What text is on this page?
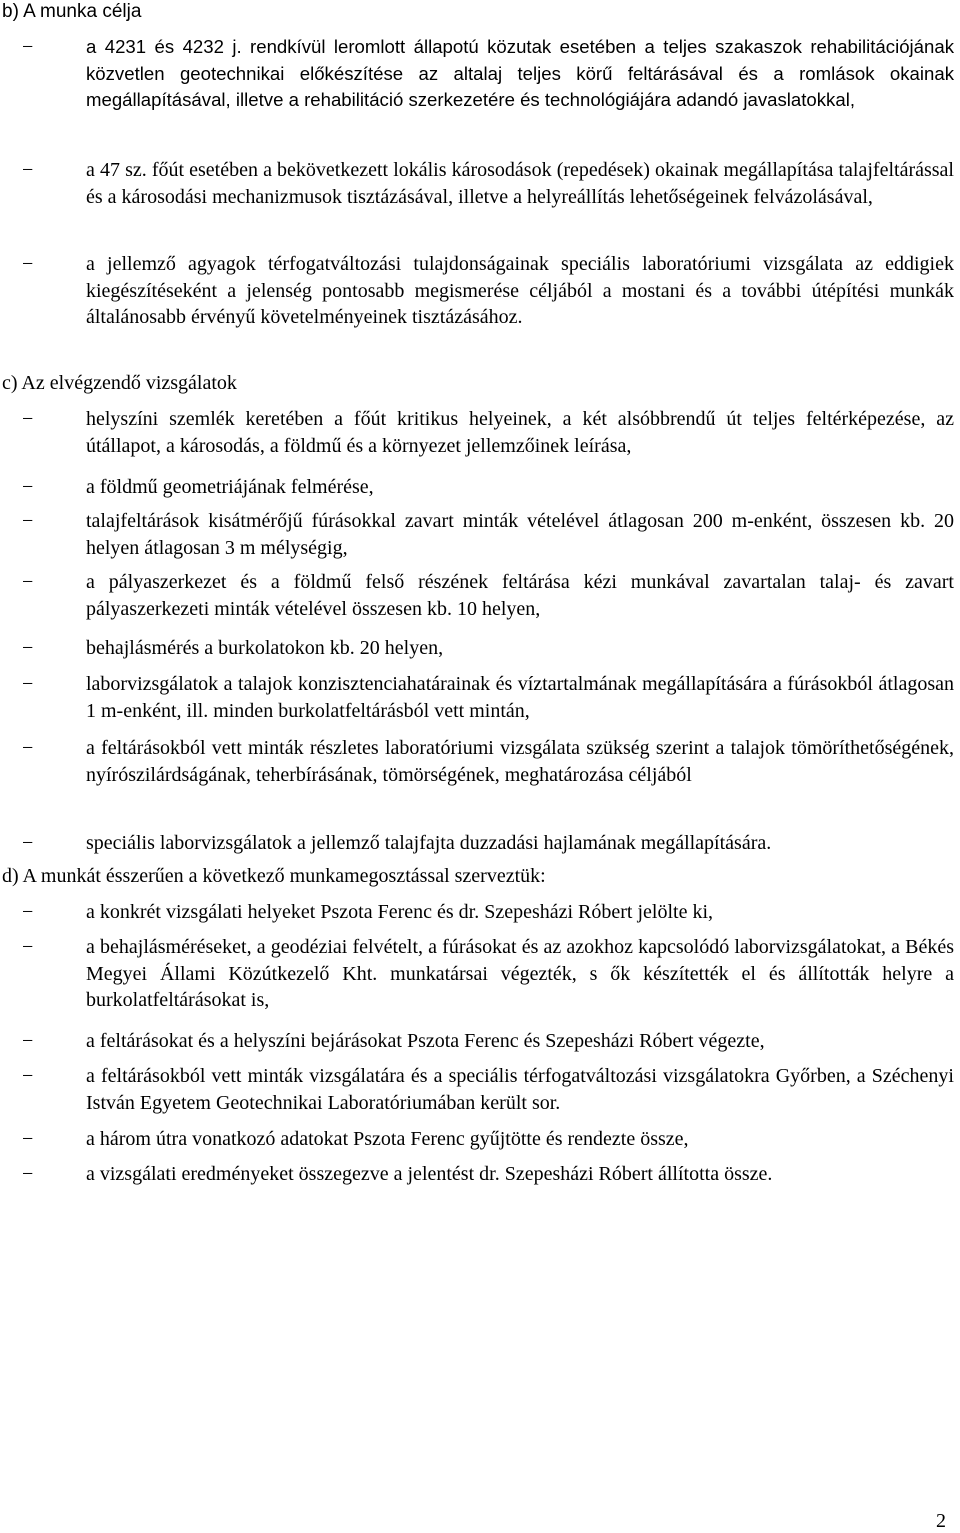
b) A munka célja
−	a 4231 és 4232 j. rendkívül leromlott állapotú közutak esetében a teljes szakaszok rehabilitációjának közvetlen geotechnikai előkészítése az altalaj teljes körű feltárásával és a romlások okainak megállapításával, illetve a rehabilitáció szerkezetére és technológiájára adandó javaslatokkal,

−	a 47 sz. főút esetében a bekövetkezett lokális károsodások (repedések) okainak megállapítása talajfeltárással és a károsodási mechanizmusok tisztázásával, illetve a helyreállítás lehetőségeinek felvázolásával,

−	a jellemző agyagok térfogatváltozási tulajdonságainak speciális laboratóriumi vizsgálata az eddigiek kiegészítéseként a jelenség pontosabb megismerése céljából a mostani és a további útépítési munkák általánosabb érvényű követelményeinek tisztázásához.

c) Az elvégzendő vizsgálatok
−	helyszíni szemlék keretében a főút kritikus helyeinek, a két alsóbbrendű út teljes feltérképezése, az útállapot, a károsodás, a földmű és a környezet jellemzőinek leírása,

−	a földmű geometriájának felmérése,

−	talajfeltárások kisátmérőjű fúrásokkal zavart minták vételével átlagosan 200 m-enként, összesen kb. 20 helyen átlagosan 3 m mélységig,

−	a pályaszerkezet és a földmű felső részének feltárása kézi munkával zavartalan talaj- és zavart pályaszerkezeti minták vételével összesen kb. 10 helyen,

−	behajlásmérés a burkolatokon kb. 20 helyen,

−	laborvizsgálatok a talajok konzisztenciahatárainak és víztartalmának megállapítására a fúrásokból átlagosan 1 m-enként, ill. minden burkolatfeltárásból vett mintán,

−	a feltárásokból vett minták részletes laboratóriumi vizsgálata szükség szerint a talajok tömöríthetőségének, nyírószilárdságának, teherbírásának, tömörségének, meghatározása céljából

−	speciális laborvizsgálatok a jellemző talajfajta duzzadási hajlamának megállapítására.

d) A munkát ésszerűen a következő munkamegosztással szerveztük:
−	a konkrét vizsgálati helyeket Pszota Ferenc és dr. Szepesházi Róbert jelölte ki,

−	a behajlásméréseket, a geodéziai felvételt, a fúrásokat és az azokhoz kapcsolódó laborvizsgálatokat, a Békés Megyei Állami Közútkezelő Kht. munkatársai végezték, s ők készítették el és állították helyre a burkolatfeltárásokat is,

−	a feltárásokat és a helyszíni bejárásokat Pszota Ferenc és Szepesházi Róbert végezte,

−	a feltárásokból vett minták vizsgálatára és a speciális térfogatváltozási vizsgálatokra Győrben, a Széchenyi István Egyetem Geotechnikai Laboratóriumában került sor.

−	a három útra vonatkozó adatokat Pszota Ferenc gyűjtötte és rendezte össze,

−	a vizsgálati eredményeket összegezve a jelentést dr. Szepesházi Róbert állította össze.

2
